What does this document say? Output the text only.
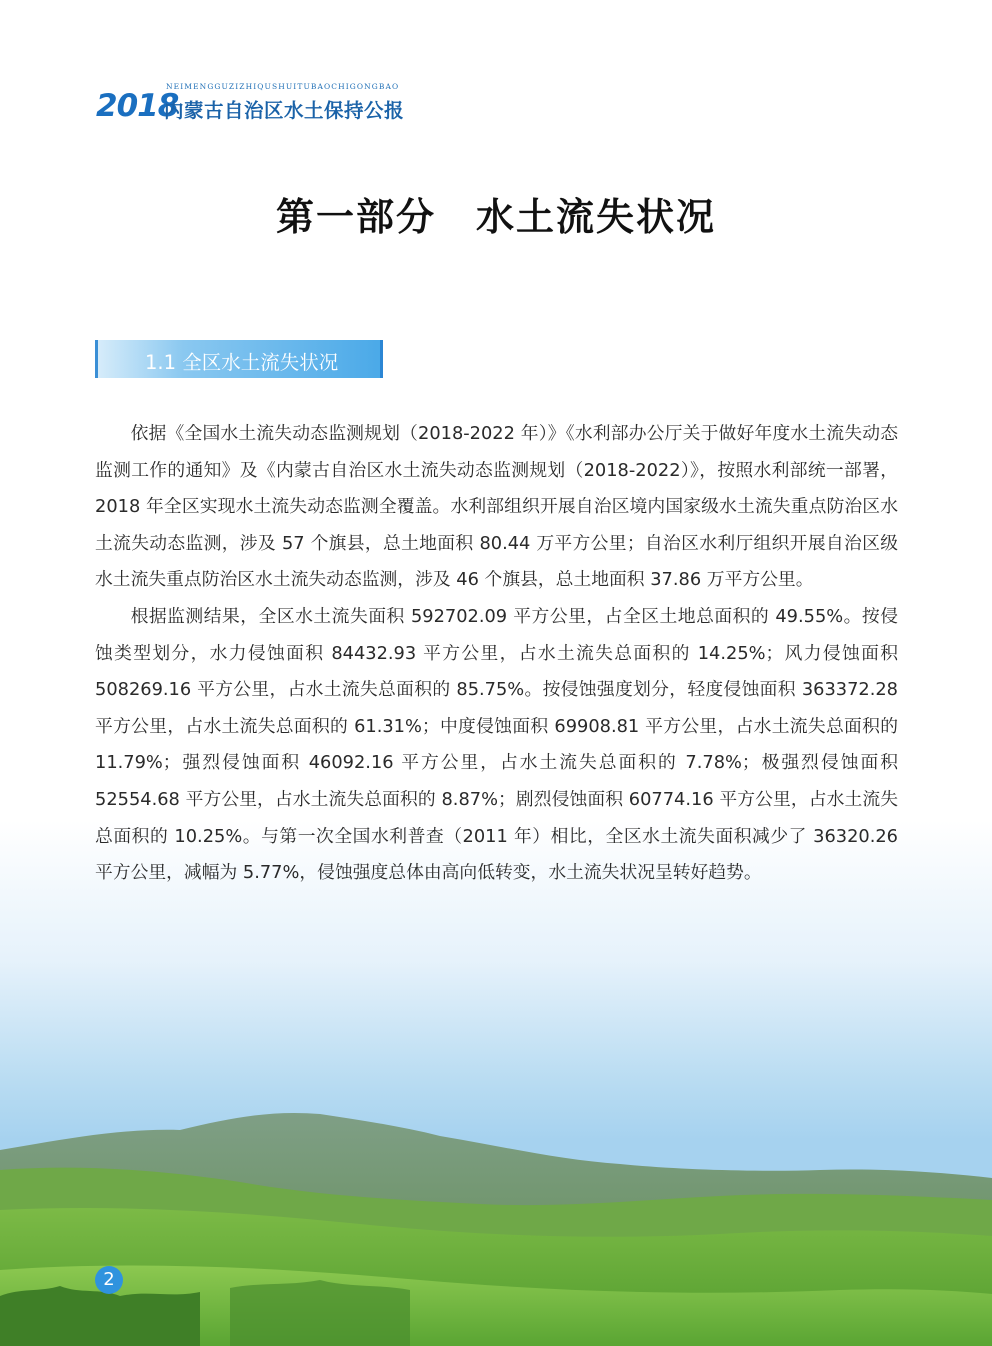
NEIMENGGUZIZHIQUSHUITUBAOCHIGONGBAO
2018
内蒙古自治区水土保持公报
第一部分　水土流失状况
1.1 全区水土流失状况

依据《全国水土流失动态监测规划（2018-2022 年）》《水利部办公厅关于做好年度水土流失动态监测工作的通知》及《内蒙古自治区水土流失动态监测规划（2018-2022）》，按照水利部统一部署，2018 年全区实现水土流失动态监测全覆盖。水利部组织开展自治区境内国家级水土流失重点防治区水土流失动态监测，涉及 57 个旗县，总土地面积 80.44 万平方公里；自治区水利厅组织开展自治区级水土流失重点防治区水土流失动态监测，涉及 46 个旗县，总土地面积 37.86 万平方公里。

根据监测结果，全区水土流失面积 592702.09 平方公里，占全区土地总面积的 49.55%。按侵蚀类型划分，水力侵蚀面积 84432.93 平方公里，占水土流失总面积的 14.25%；风力侵蚀面积 508269.16 平方公里，占水土流失总面积的 85.75%。按侵蚀强度划分，轻度侵蚀面积 363372.28 平方公里，占水土流失总面积的 61.31%；中度侵蚀面积 69908.81 平方公里，占水土流失总面积的 11.79%；强烈侵蚀面积 46092.16 平方公里，占水土流失总面积的 7.78%；极强烈侵蚀面积 52554.68 平方公里，占水土流失总面积的 8.87%；剧烈侵蚀面积 60774.16 平方公里，占水土流失总面积的 10.25%。与第一次全国水利普查（2011 年）相比，全区水土流失面积减少了 36320.26 平方公里，减幅为 5.77%，侵蚀强度总体由高向低转变，水土流失状况呈转好趋势。

2
